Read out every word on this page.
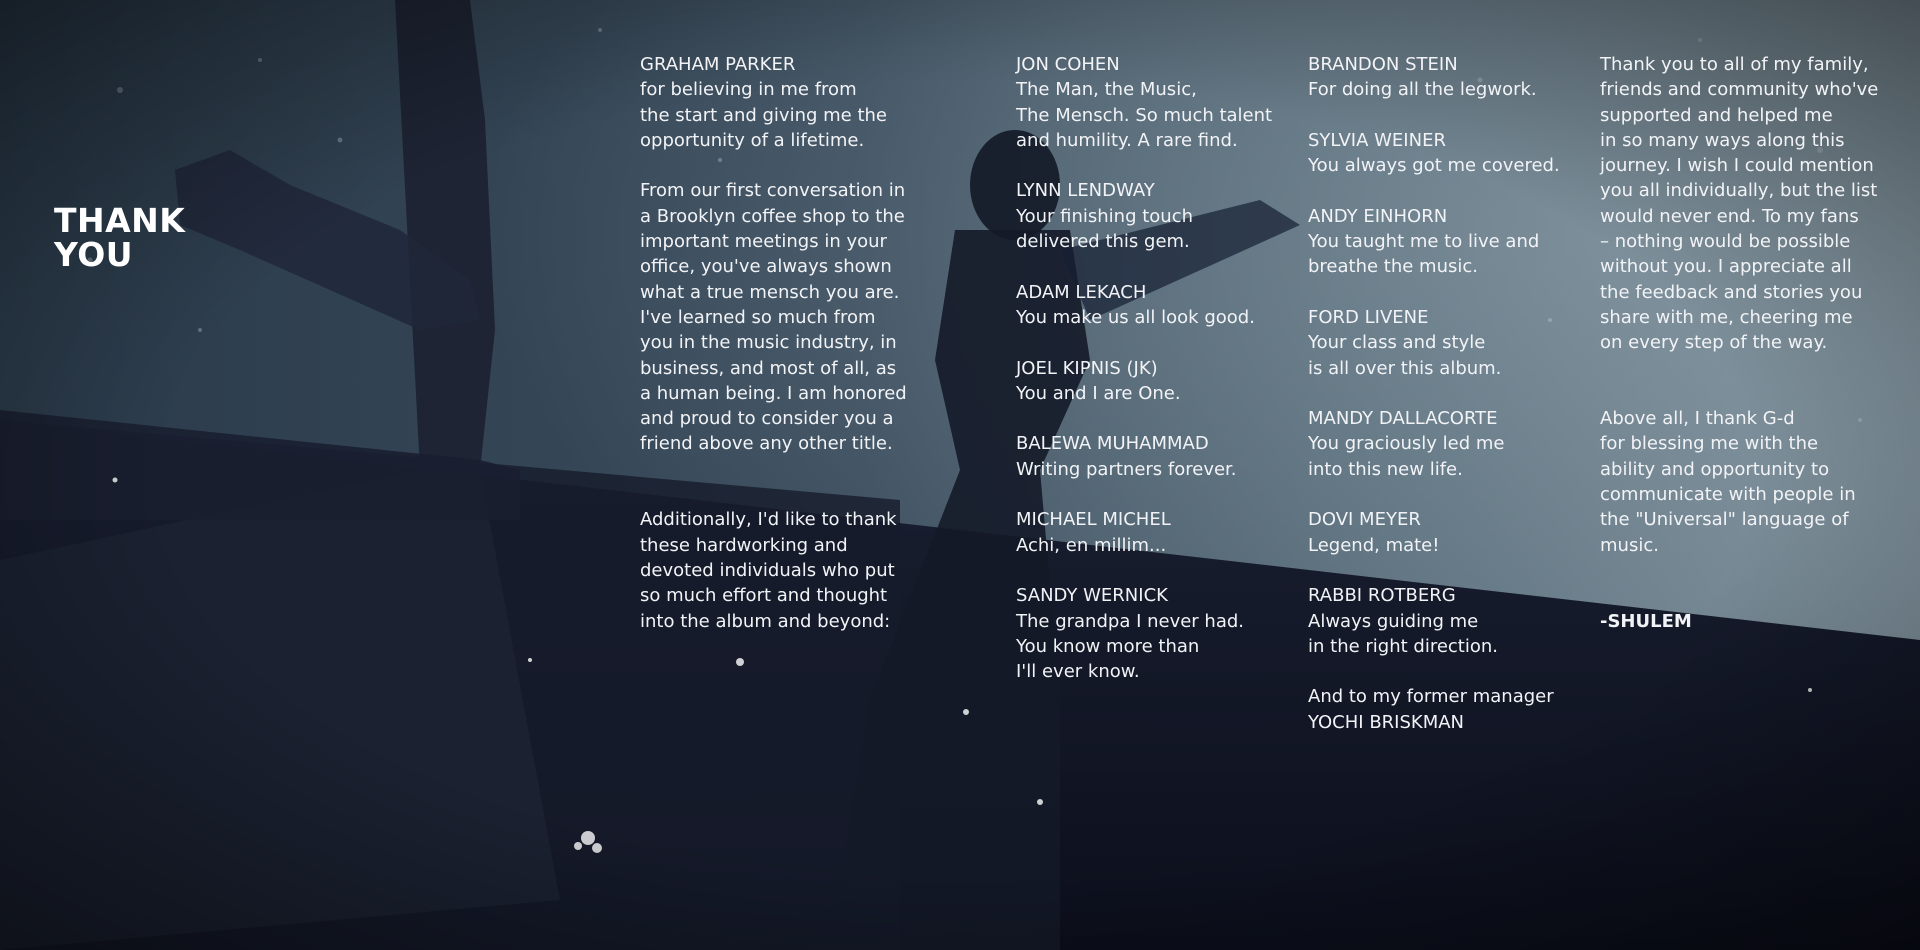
THANK
YOU

GRAHAM PARKER
for believing in me from
the start and giving me the
opportunity of a lifetime.

From our first conversation in
a Brooklyn coffee shop to the
important meetings in your
office, you've always shown
what a true mensch you are.
I've learned so much from
you in the music industry, in
business, and most of all, as
a human being. I am honored
and proud to consider you a
friend above any other title.

Additionally, I'd like to thank
these hardworking and
devoted individuals who put
so much effort and thought
into the album and beyond:

JON COHEN
The Man, the Music,
The Mensch. So much talent
and humility. A rare find.

LYNN LENDWAY
Your finishing touch
delivered this gem.

ADAM LEKACH
You make us all look good.

JOEL KIPNIS (JK)
You and I are One.

BALEWA MUHAMMAD
Writing partners forever.

MICHAEL MICHEL
Achi, en millim...

SANDY WERNICK
The grandpa I never had.
You know more than
I'll ever know.

BRANDON STEIN
For doing all the legwork.

SYLVIA WEINER
You always got me covered.

ANDY EINHORN
You taught me to live and
breathe the music.

FORD LIVENE
Your class and style
is all over this album.

MANDY DALLACORTE
You graciously led me
into this new life.

DOVI MEYER
Legend, mate!

RABBI ROTBERG
Always guiding me
in the right direction.

And to my former manager
YOCHI BRISKMAN

Thank you to all of my family,
friends and community who've
supported and helped me
in so many ways along this
journey. I wish I could mention
you all individually, but the list
would never end. To my fans
– nothing would be possible
without you. I appreciate all
the feedback and stories you
share with me, cheering me
on every step of the way.

Above all, I thank G-d
for blessing me with the
ability and opportunity to
communicate with people in
the "Universal" language of
music.

-SHULEM
